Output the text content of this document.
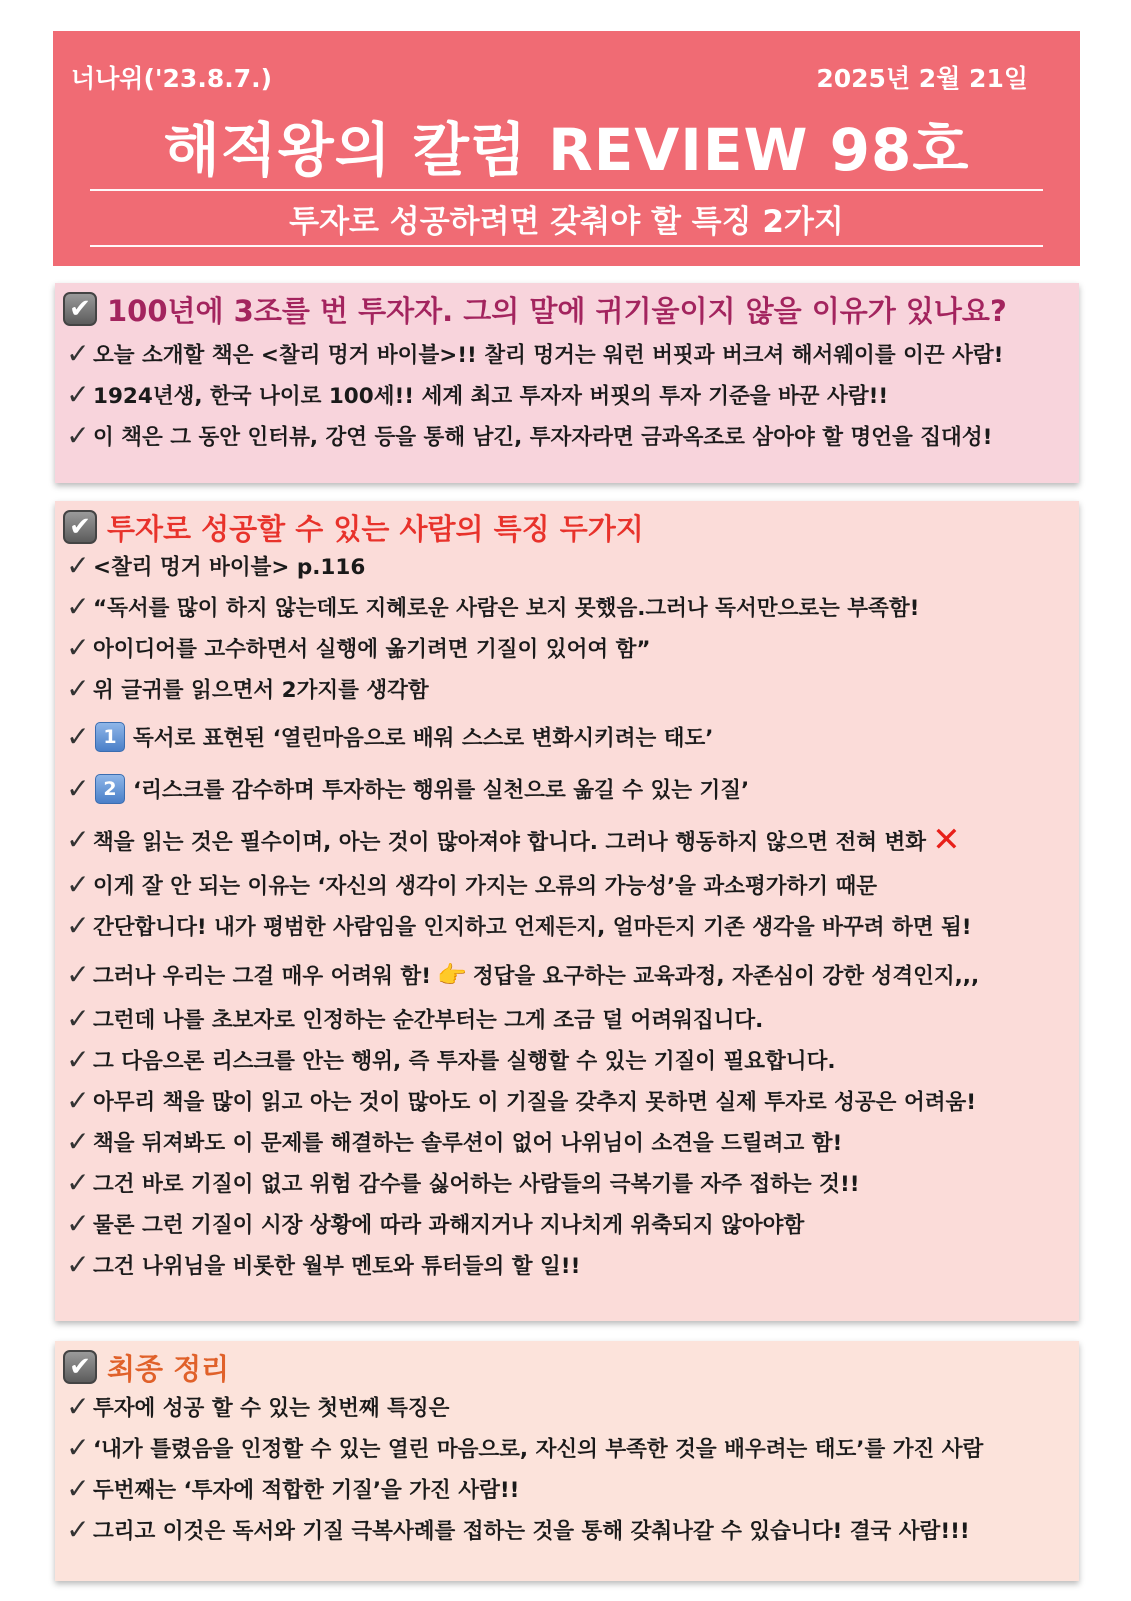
너나위('23.8.7.)	2025년 2월 21일
해적왕의 칼럼 REVIEW 98호
투자로 성공하려면 갖춰야 할 특징 2가지
✔ 100년에 3조를 번 투자자. 그의 말에 귀기울이지 않을 이유가 있나요?
✓ 오늘 소개할 책은 <찰리 멍거 바이블>!! 찰리 멍거는 워런 버핏과 버크셔 해서웨이를 이끈 사람!
✓ 1924년생, 한국 나이로 100세!! 세계 최고 투자자 버핏의 투자 기준을 바꾼 사람!!
✓ 이 책은 그 동안 인터뷰, 강연 등을 통해 남긴, 투자자라면 금과옥조로 삼아야 할 명언을 집대성!
✔ 투자로 성공할 수 있는 사람의 특징 두가지
✓ <찰리 멍거 바이블> p.116
✓ “독서를 많이 하지 않는데도 지혜로운 사람은 보지 못했음.그러나 독서만으로는 부족함!
✓ 아이디어를 고수하면서 실행에 옮기려면 기질이 있어여 함”
✓ 위 글귀를 읽으면서 2가지를 생각함
✓ 1 독서로 표현된 ‘열린마음으로 배워 스스로 변화시키려는 태도’
✓ 2 ‘리스크를 감수하며 투자하는 행위를 실천으로 옮길 수 있는 기질’
✓ 책을 읽는 것은 필수이며, 아는 것이 많아져야 합니다. 그러나 행동하지 않으면 전혀 변화 ✕
✓ 이게 잘 안 되는 이유는 ‘자신의 생각이 가지는 오류의 가능성’을 과소평가하기 때문
✓ 간단합니다! 내가 평범한 사람임을 인지하고 언제든지, 얼마든지 기존 생각을 바꾸려 하면 됨!
✓ 그러나 우리는 그걸 매우 어려워 함! 👉 정답을 요구하는 교육과정, 자존심이 강한 성격인지,,,
✓ 그런데 나를 초보자로 인정하는 순간부터는 그게 조금 덜 어려워집니다.
✓ 그 다음으론 리스크를 안는 행위, 즉 투자를 실행할 수 있는 기질이 필요합니다.
✓ 아무리 책을 많이 읽고 아는 것이 많아도 이 기질을 갖추지 못하면 실제 투자로 성공은 어려움!
✓ 책을 뒤져봐도 이 문제를 해결하는 솔루션이 없어 나위님이 소견을 드릴려고 함!
✓ 그건 바로 기질이 없고 위험 감수를 싫어하는 사람들의 극복기를 자주 접하는 것!!
✓ 물론 그런 기질이 시장 상황에 따라 과해지거나 지나치게 위축되지 않아야함
✓ 그건 나위님을 비롯한 월부 멘토와 튜터들의 할 일!!
✔ 최종 정리
✓ 투자에 성공 할 수 있는 첫번째 특징은
✓ ‘내가 틀렸음을 인정할 수 있는 열린 마음으로, 자신의 부족한 것을 배우려는 태도’를 가진 사람
✓ 두번째는 ‘투자에 적합한 기질’을 가진 사람!!
✓ 그리고 이것은 독서와 기질 극복사례를 접하는 것을 통해 갖춰나갈 수 있습니다! 결국 사람!!!
